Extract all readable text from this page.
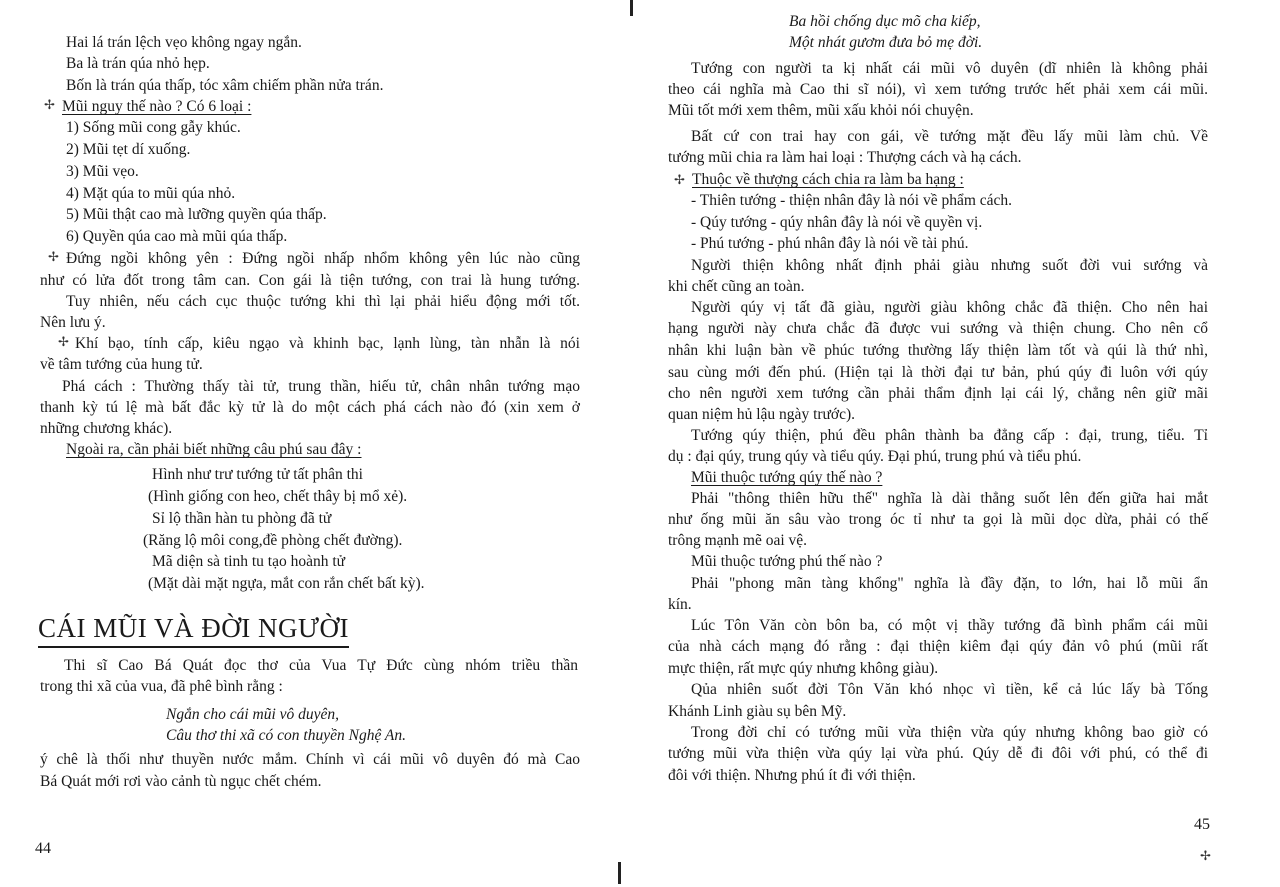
Hai lá trán lệch vẹo không ngay ngắn.
Ba là trán qúa nhỏ hẹp.
Bốn là trán qúa thấp, tóc xâm chiếm phần nửa trán.
✢ Mũi nguy thế nào ? Có 6 loại :
1) Sống mũi cong gẫy khúc.
2) Mũi tẹt dí xuống.
3) Mũi vẹo.
4) Mặt qúa to mũi qúa nhỏ.
5) Mũi thật cao mà lưỡng quyền qúa thấp.
6) Quyền qúa cao mà mũi qúa thấp.
✢ Đứng ngồi không yên : Đứng ngồi nhấp nhổm không yên lúc nào cũng
như có lửa đốt trong tâm can. Con gái là tiện tướng, con trai là hung tướng.
Tuy nhiên, nếu cách cục thuộc tướng khi thì lại phải hiểu động mới tốt.
Nên lưu ý.
✢ Khí bạo, tính cấp, kiêu ngạo và khinh bạc, lạnh lùng, tàn nhẫn là nói
về tâm tướng của hung tử.
Phá cách : Thường thấy tài tử, trung thần, hiếu tử, chân nhân tướng mạo
thanh kỳ tú lệ mà bất đắc kỳ tử là do một cách phá cách nào đó (xin xem ở
những chương khác).
Ngoài ra, cần phải biết những câu phú sau đây :
Hình như trư tướng tử tất phân thi
(Hình giống con heo, chết thây bị mổ xẻ).
Sỉ lộ thần hàn tu phòng đã tử
(Răng lộ môi cong,đề phòng chết đường).
Mã diện sà tinh tu tạo hoành tử
(Mặt dài mặt ngựa, mắt con rắn chết bất kỳ).
CÁI MŨI VÀ ĐỜI NGƯỜI
Thi sĩ Cao Bá Quát đọc thơ của Vua Tự Đức cùng nhóm triều thần
trong thi xã của vua, đã phê bình rằng :
Ngắn cho cái mũi vô duyên,
Câu thơ thi xã có con thuyền Nghệ An.
ý chê là thối như thuyền nước mắm. Chính vì cái mũi vô duyên đó mà Cao
Bá Quát mới rơi vào cảnh tù ngục chết chém.
44
Ba hồi chống dục mõ cha kiếp,
Một nhát gươm đưa bỏ mẹ đời.
Tướng con người ta kị nhất cái mũi vô duyên (dĩ nhiên là không phải
theo cái nghĩa mà Cao thi sĩ nói), vì xem tướng trước hết phải xem cái mũi.
Mũi tốt mới xem thêm, mũi xấu khỏi nói chuyện.
Bất cứ con trai hay con gái, về tướng mặt đều lấy mũi làm chủ. Về
tướng mũi chia ra làm hai loại : Thượng cách và hạ cách.
✢ Thuộc về thượng cách chia ra làm ba hạng :
- Thiên tướng - thiện nhân đây là nói về phẩm cách.
- Qúy tướng - qúy nhân đây là nói về quyền vị.
- Phú tướng - phú nhân đây là nói về tài phú.
Người thiện không nhất định phải giàu nhưng suốt đời vui sướng và
khi chết cũng an toàn.
Người qúy vị tất đã giàu, người giàu không chắc đã thiện. Cho nên hai
hạng người này chưa chắc đã được vui sướng và thiện chung. Cho nên cổ
nhân khi luận bàn về phúc tướng thường lấy thiện làm tốt và qúi là thứ nhì,
sau cùng mới đến phú. (Hiện tại là thời đại tư bản, phú qúy đi luôn với qúy
cho nên người xem tướng cần phải thẩm định lại cái lý, chẳng nên giữ mãi
quan niệm hủ lậu ngày trước).
Tướng qúy thiện, phú đều phân thành ba đẳng cấp : đại, trung, tiểu. Tỉ
dụ : đại qúy, trung qúy và tiểu qúy. Đại phú, trung phú và tiểu phú.
Mũi thuộc tướng qúy thế nào ?
Phải "thông thiên hữu thế" nghĩa là dài thẳng suốt lên đến giữa hai mắt
như ống mũi ăn sâu vào trong óc tỉ như ta gọi là mũi dọc dừa, phải có thế
trông mạnh mẽ oai vệ.
Mũi thuộc tướng phú thế nào ?
Phải "phong mãn tàng khổng" nghĩa là đầy đặn, to lớn, hai lỗ mũi ẩn
kín.
Lúc Tôn Văn còn bôn ba, có một vị thầy tướng đã bình phẩm cái mũi
của nhà cách mạng đó rằng : đại thiện kiêm đại qúy đản vô phú (mũi rất
mực thiện, rất mực qúy nhưng không giàu).
Qủa nhiên suốt đời Tôn Văn khó nhọc vì tiền, kể cả lúc lấy bà Tống
Khánh Linh giàu sụ bên Mỹ.
Trong đời chỉ có tướng mũi vừa thiện vừa qúy nhưng không bao giờ có
tướng mũi vừa thiện vừa qúy lại vừa phú. Qúy dễ đi đôi với phú, có thể đi
đôi với thiện. Nhưng phú ít đi với thiện.
45
✢
